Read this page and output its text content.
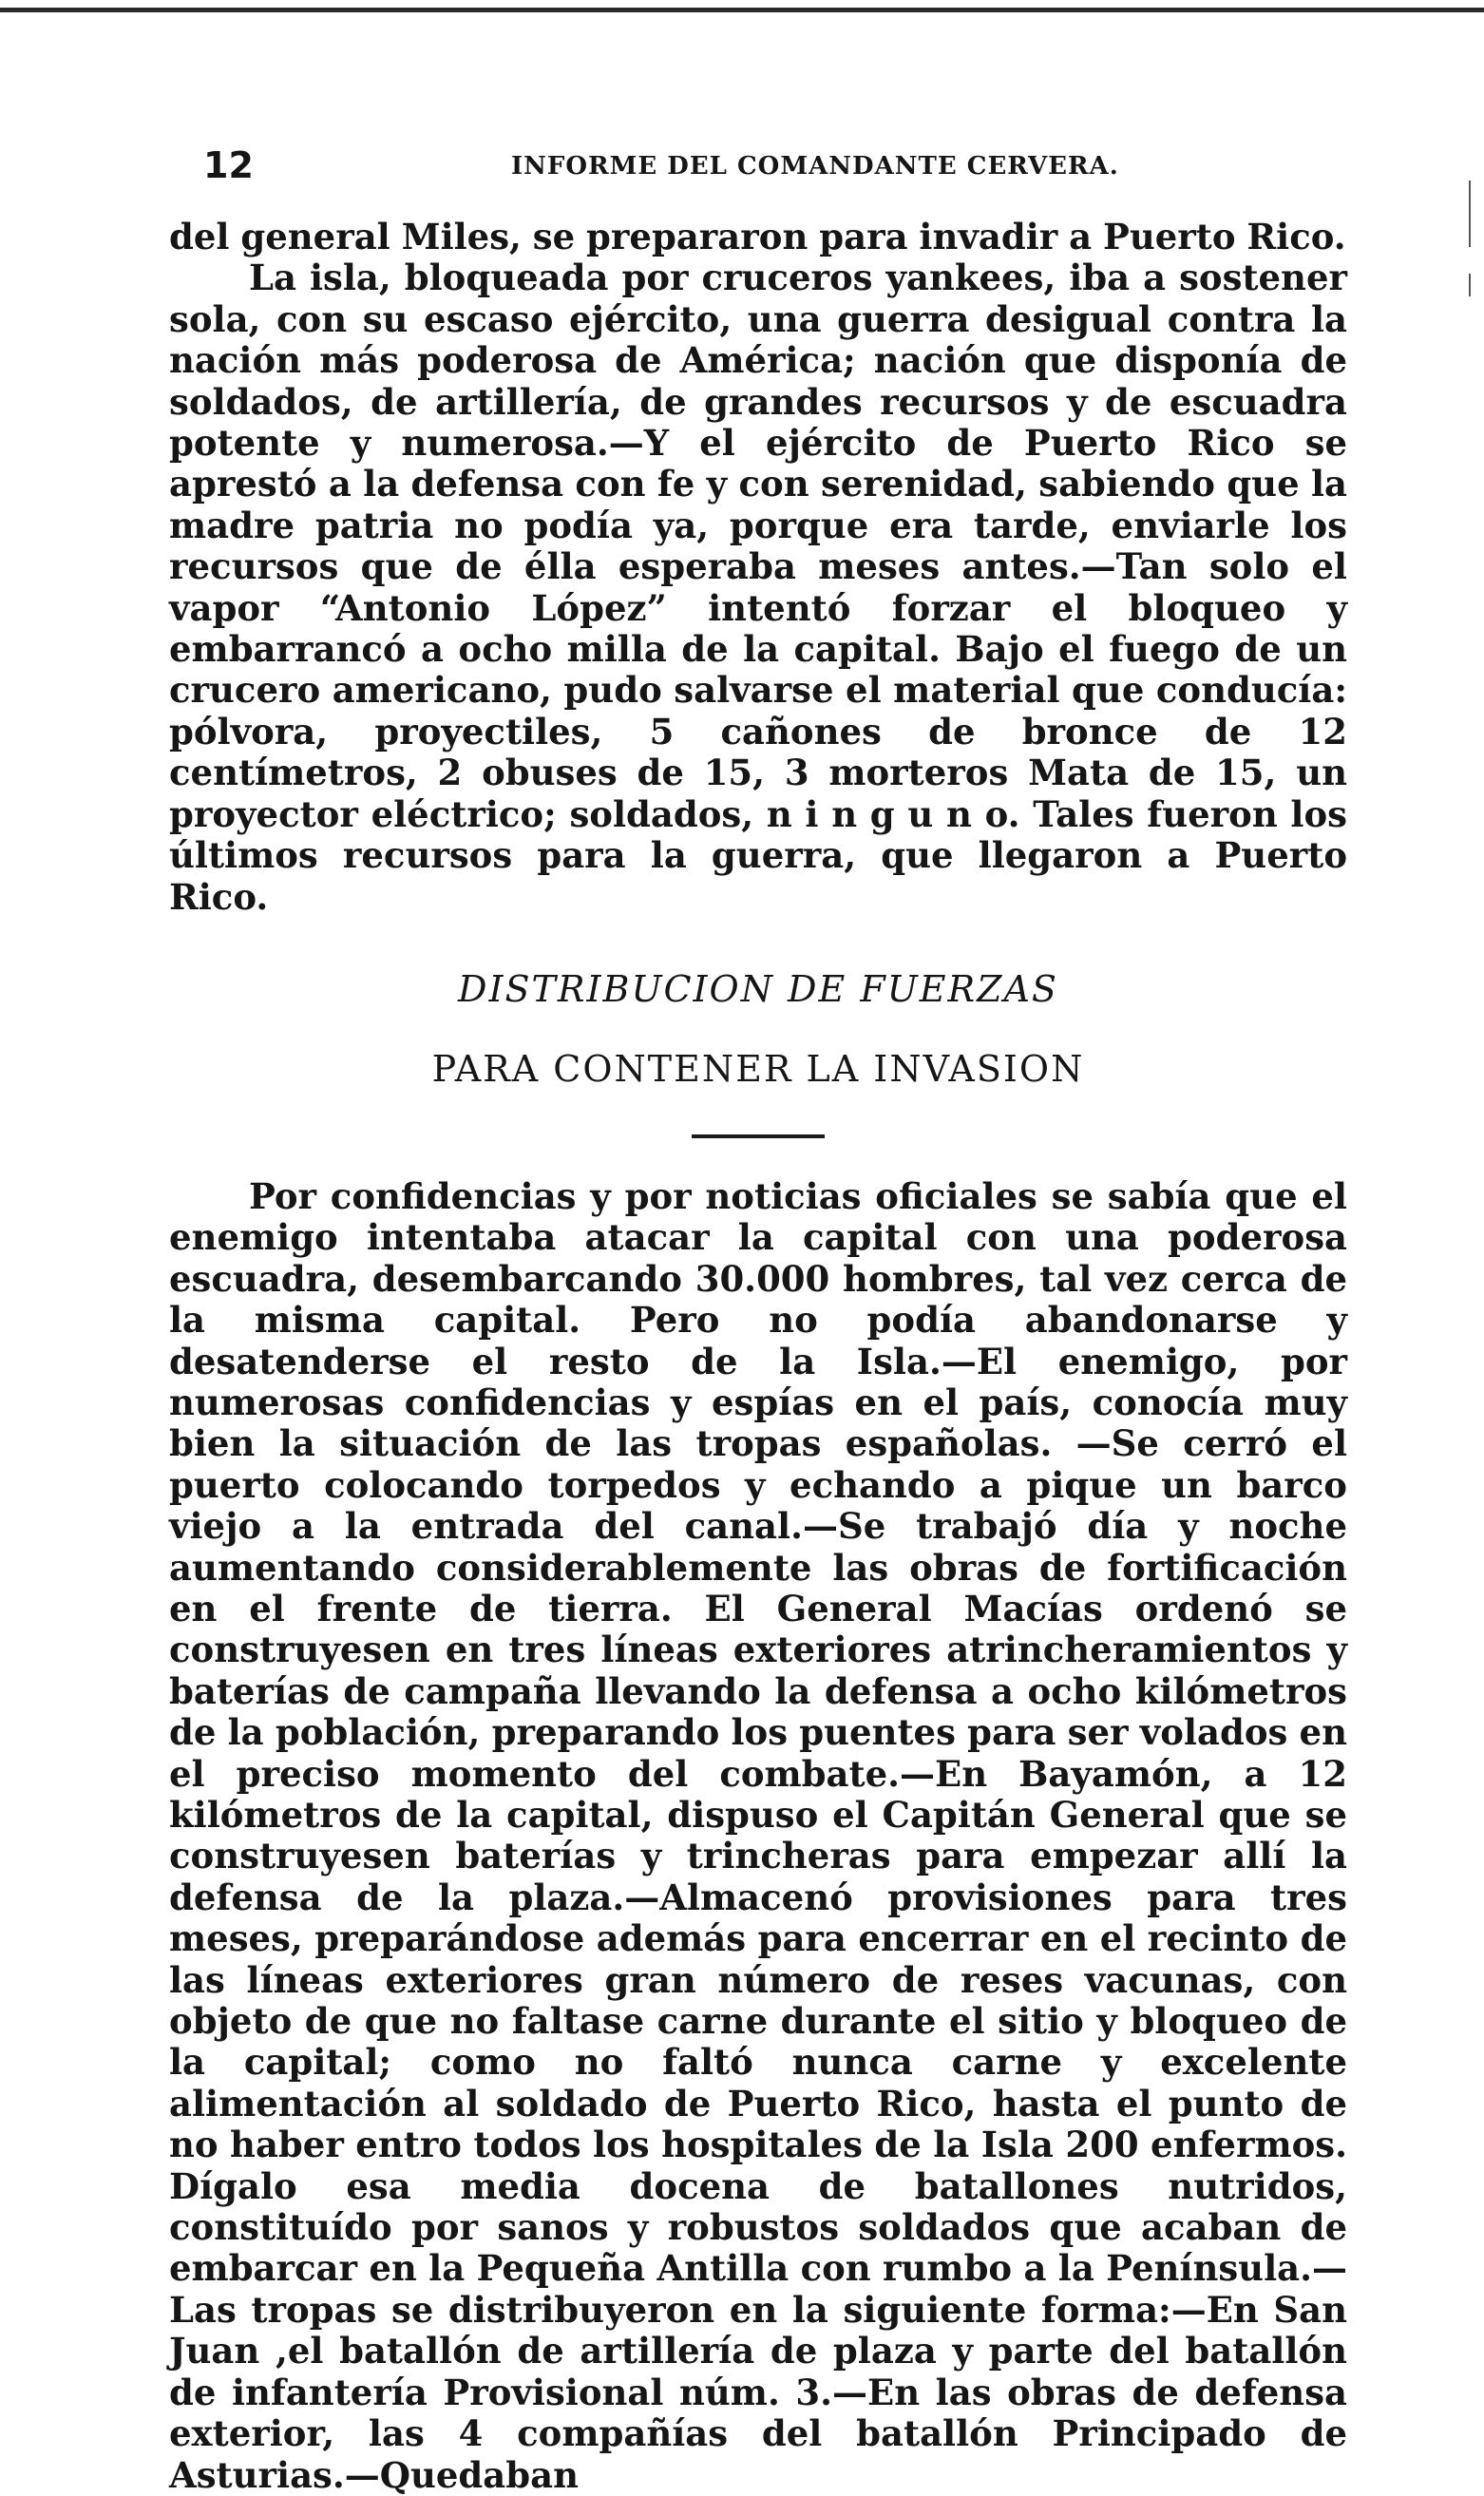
12	INFORME DEL COMANDANTE CERVERA.

del general Miles, se prepararon para invadir a Puerto Rico.

La isla, bloqueada por cruceros yankees, iba a sostener sola, con su escaso ejército, una guerra desigual contra la nación más poderosa de América; nación que disponía de soldados, de artillería, de grandes recursos y de escuadra potente y numerosa.—Y el ejército de Puerto Rico se aprestó a la defensa con fe y con serenidad, sabiendo que la madre patria no podía ya, porque era tarde, enviarle los recursos que de élla esperaba meses antes.—Tan solo el vapor “Antonio López” intentó forzar el bloqueo y embarrancó a ocho milla de la capital. Bajo el fuego de un crucero americano, pudo salvarse el material que conducía: pólvora, proyectiles, 5 cañones de bronce de 12 centímetros, 2 obuses de 15, 3 morteros Mata de 15, un proyector eléctrico; soldados, n i n g u n o. Tales fueron los últimos recursos para la guerra, que llegaron a Puerto Rico.

DISTRIBUCION DE FUERZAS
PARA CONTENER LA INVASION

Por confidencias y por noticias oficiales se sabía que el enemigo intentaba atacar la capital con una poderosa escuadra, desembarcando 30.000 hombres, tal vez cerca de la misma capital. Pero no podía abandonarse y desatenderse el resto de la Isla.—El enemigo, por numerosas confidencias y espías en el país, conocía muy bien la situación de las tropas españolas. —Se cerró el puerto colocando torpedos y echando a pique un barco viejo a la entrada del canal.—Se trabajó día y noche aumentando considerablemente las obras de fortificación en el frente de tierra. El General Macías ordenó se construyesen en tres líneas exteriores atrincheramientos y baterías de campaña llevando la defensa a ocho kilómetros de la población, preparando los puentes para ser volados en el preciso momento del combate.—En Bayamón, a 12 kilómetros de la capital, dispuso el Capitán General que se construyesen baterías y trincheras para empezar allí la defensa de la plaza.—Almacenó provisiones para tres meses, preparándose además para encerrar en el recinto de las líneas exteriores gran número de reses vacunas, con objeto de que no faltase carne durante el sitio y bloqueo de la capital; como no faltó nunca carne y excelente alimentación al soldado de Puerto Rico, hasta el punto de no haber entro todos los hospitales de la Isla 200 enfermos. Dígalo esa media docena de batallones nutridos, constituído por sanos y robustos soldados que acaban de embarcar en la Pequeña Antilla con rumbo a la Península.—Las tropas se distribuyeron en la siguiente forma:—En San Juan ,el batallón de artillería de plaza y parte del batallón de infantería Provisional núm. 3.—En las obras de defensa exterior, las 4 compañías del batallón Principado de Asturias.—Quedaban
